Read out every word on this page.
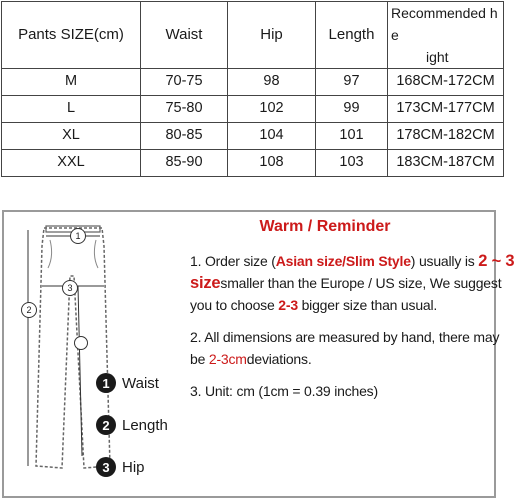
Pants SIZE(cm)	Waist	Hip	Length	Recommended he
ight

M	70-75	98	97	168CM-172CM
L	75-80	102	99	173CM-177CM
XL	80-85	104	101	178CM-182CM
XXL	85-90	108	103	183CM-187CM
1
2
3
1 Waist
2 Length
3 Hip
Warm / Reminder
1. Order size (Asian size/Slim Style) usually is 2 ~ 3
sizesmaller than the Europe / US size, We suggest
you to choose 2-3 bigger size than usual.
2. All dimensions are measured by hand, there may
be 2-3cmdeviations.
3. Unit: cm (1cm = 0.39 inches)
